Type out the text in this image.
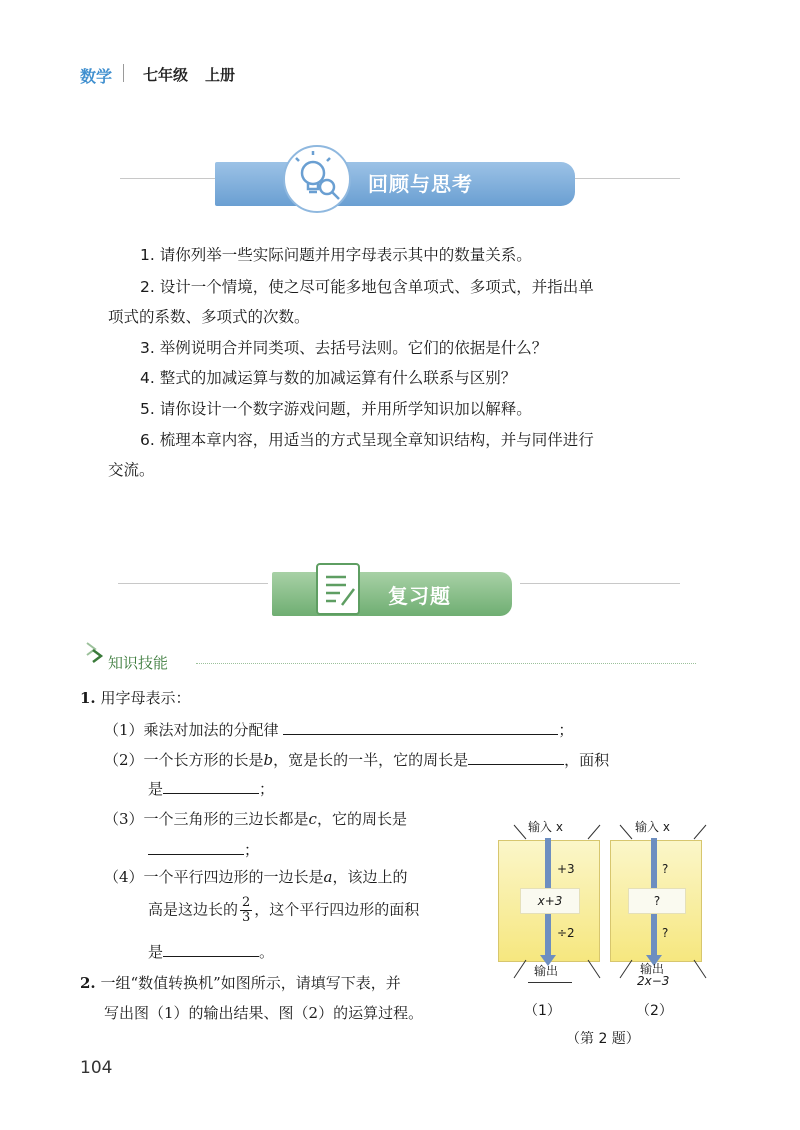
数学 七年级 上册
回顾与思考
1. 请你列举一些实际问题并用字母表示其中的数量关系。
2. 设计一个情境，使之尽可能多地包含单项式、多项式，并指出单
项式的系数、多项式的次数。
3. 举例说明合并同类项、去括号法则。它们的依据是什么？
4. 整式的加减运算与数的加减运算有什么联系与区别？
5. 请你设计一个数字游戏问题，并用所学知识加以解释。
6. 梳理本章内容，用适当的方式呈现全章知识结构，并与同伴进行
交流。
复习题
知识技能
1. 用字母表示：
（1）乘法对加法的分配律	；
（2）一个长方形的长是b，宽是长的一半，它的周长是	，面积
是	；
（3）一个三角形的三边长都是c，它的周长是
；
（4）一个平行四边形的一边长是a，该边上的
高是这边长的 $\frac{2}{3}$ ，这个平行四边形的面积
是	。
2. 一组“数值转换机”如图所示，请填写下表，并
写出图（1）的输出结果、图（2）的运算过程。
输入 x
+3
x+3
÷2
输出
（1）
输入 x
?
?
?
输出
2x−3
（2）
（第 2 题）
104
